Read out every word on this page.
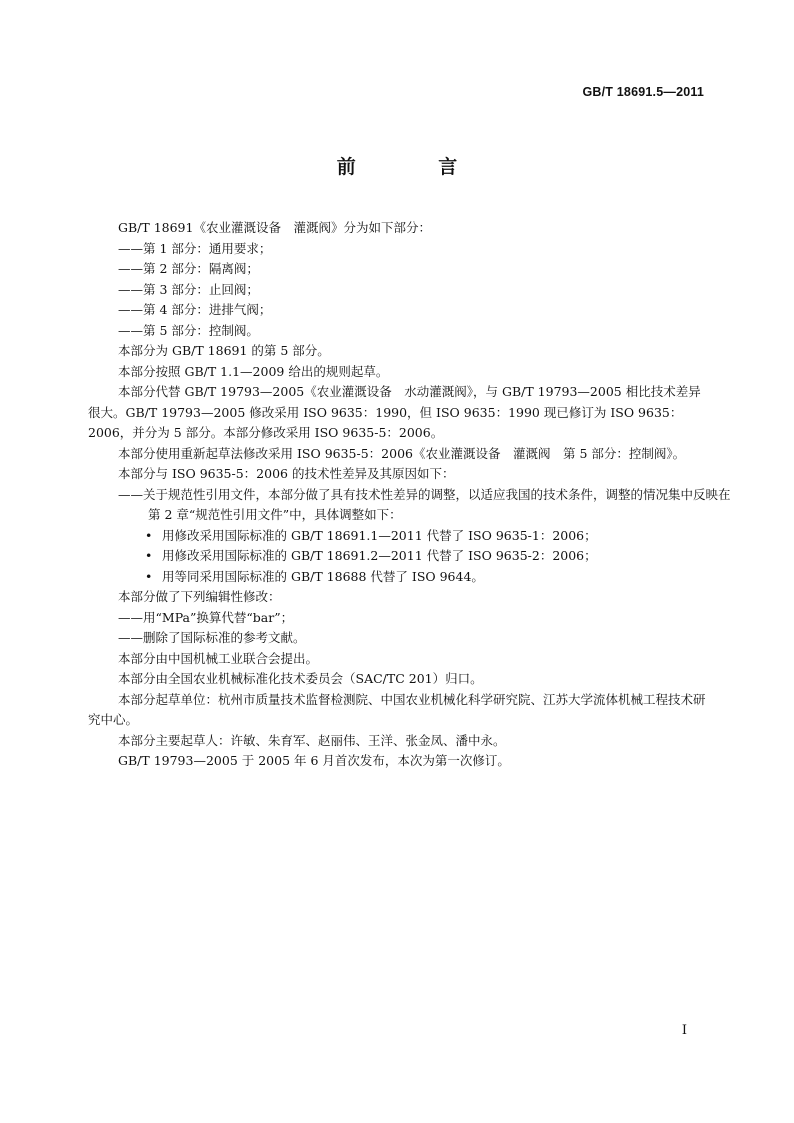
GB/T 18691.5—2011
前 言

GB/T 18691《农业灌溉设备　灌溉阀》分为如下部分：

——第 1 部分：通用要求；

——第 2 部分：隔离阀；

——第 3 部分：止回阀；

——第 4 部分：进排气阀；

——第 5 部分：控制阀。

本部分为 GB/T 18691 的第 5 部分。

本部分按照 GB/T 1.1—2009 给出的规则起草。

本部分代替 GB/T 19793—2005《农业灌溉设备　水动灌溉阀》，与 GB/T 19793—2005 相比技术差异很大。GB/T 19793—2005 修改采用 ISO 9635：1990，但 ISO 9635：1990 现已修订为 ISO 9635：2006，并分为 5 部分。本部分修改采用 ISO 9635-5：2006。

本部分使用重新起草法修改采用 ISO 9635-5：2006《农业灌溉设备　灌溉阀　第 5 部分：控制阀》。

本部分与 ISO 9635-5：2006 的技术性差异及其原因如下：

——关于规范性引用文件，本部分做了具有技术性差异的调整，以适应我国的技术条件，调整的情况集中反映在第 2 章“规范性引用文件”中，具体调整如下：

• 用修改采用国际标准的 GB/T 18691.1—2011 代替了 ISO 9635-1：2006；

• 用修改采用国际标准的 GB/T 18691.2—2011 代替了 ISO 9635-2：2006；

• 用等同采用国际标准的 GB/T 18688 代替了 ISO 9644。

本部分做了下列编辑性修改：

——用“MPa”换算代替“bar”；

——删除了国际标准的参考文献。

本部分由中国机械工业联合会提出。

本部分由全国农业机械标准化技术委员会（SAC/TC 201）归口。

本部分起草单位：杭州市质量技术监督检测院、中国农业机械化科学研究院、江苏大学流体机械工程技术研究中心。

本部分主要起草人：许敏、朱育军、赵丽伟、王洋、张金凤、潘中永。

GB/T 19793—2005 于 2005 年 6 月首次发布，本次为第一次修订。

I
